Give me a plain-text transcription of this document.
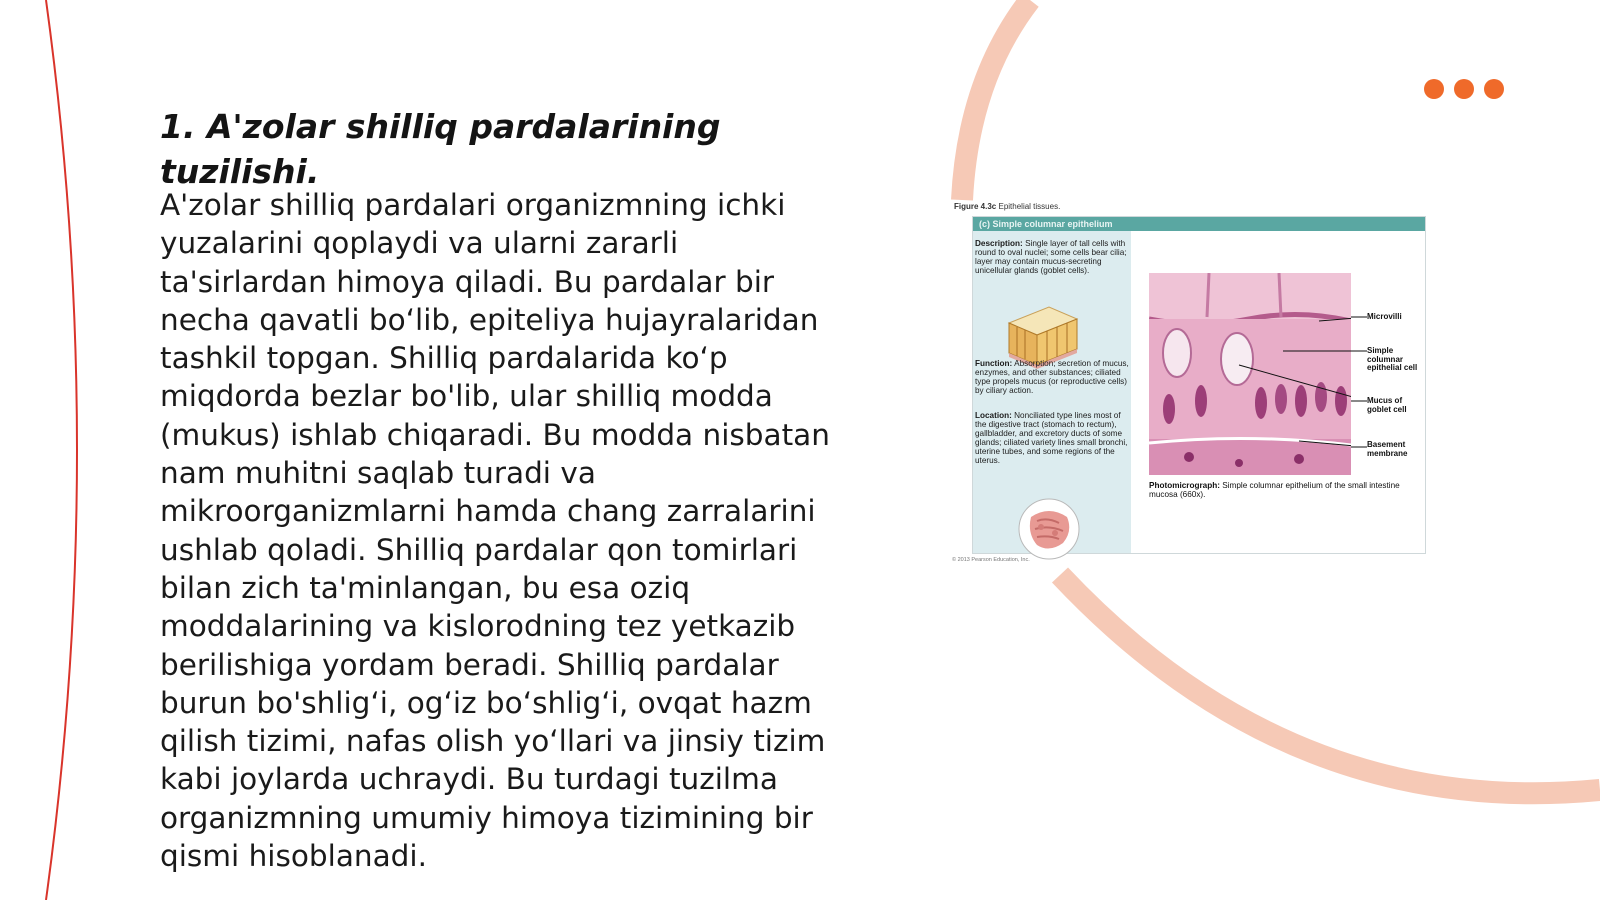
1. A'zolar shilliq pardalarining tuzilishi.

A'zolar shilliq pardalari organizmning ichki yuzalarini qoplaydi va ularni zararli ta'sirlardan himoya qiladi. Bu pardalar bir necha qavatli bo‘lib, epiteliya hujayralaridan tashkil topgan. Shilliq pardalarida ko‘p miqdorda bezlar bo'lib, ular shilliq modda (mukus) ishlab chiqaradi. Bu modda nisbatan nam muhitni saqlab turadi va mikroorganizmlarni hamda chang zarralarini ushlab qoladi. Shilliq pardalar qon tomirlari bilan zich ta'minlangan, bu esa oziq moddalarining va kislorodning tez yetkazib berilishiga yordam beradi. Shilliq pardalar burun bo'shlig‘i, og‘iz bo‘shlig‘i, ovqat hazm qilish tizimi, nafas olish yo‘llari va jinsiy tizim kabi joylarda uchraydi. Bu turdagi tuzilma organizmning umumiy himoya tizimining bir qismi hisoblanadi.

Figure 4.3c Epithelial tissues.
(c) Simple columnar epithelium
Description: Single layer of tall cells with round to oval nuclei; some cells bear cilia; layer may contain mucus-secreting unicellular glands (goblet cells).
Function: Absorption; secretion of mucus, enzymes, and other substances; ciliated type propels mucus (or reproductive cells) by ciliary action.
Location: Nonciliated type lines most of the digestive tract (stomach to rectum), gallbladder, and excretory ducts of some glands; ciliated variety lines small bronchi, uterine tubes, and some regions of the uterus.
Microvilli
Simple columnar epithelial cell
Mucus of goblet cell
Basement membrane
Photomicrograph: Simple columnar epithelium of the small intestine mucosa (660x).
© 2013 Pearson Education, Inc.
